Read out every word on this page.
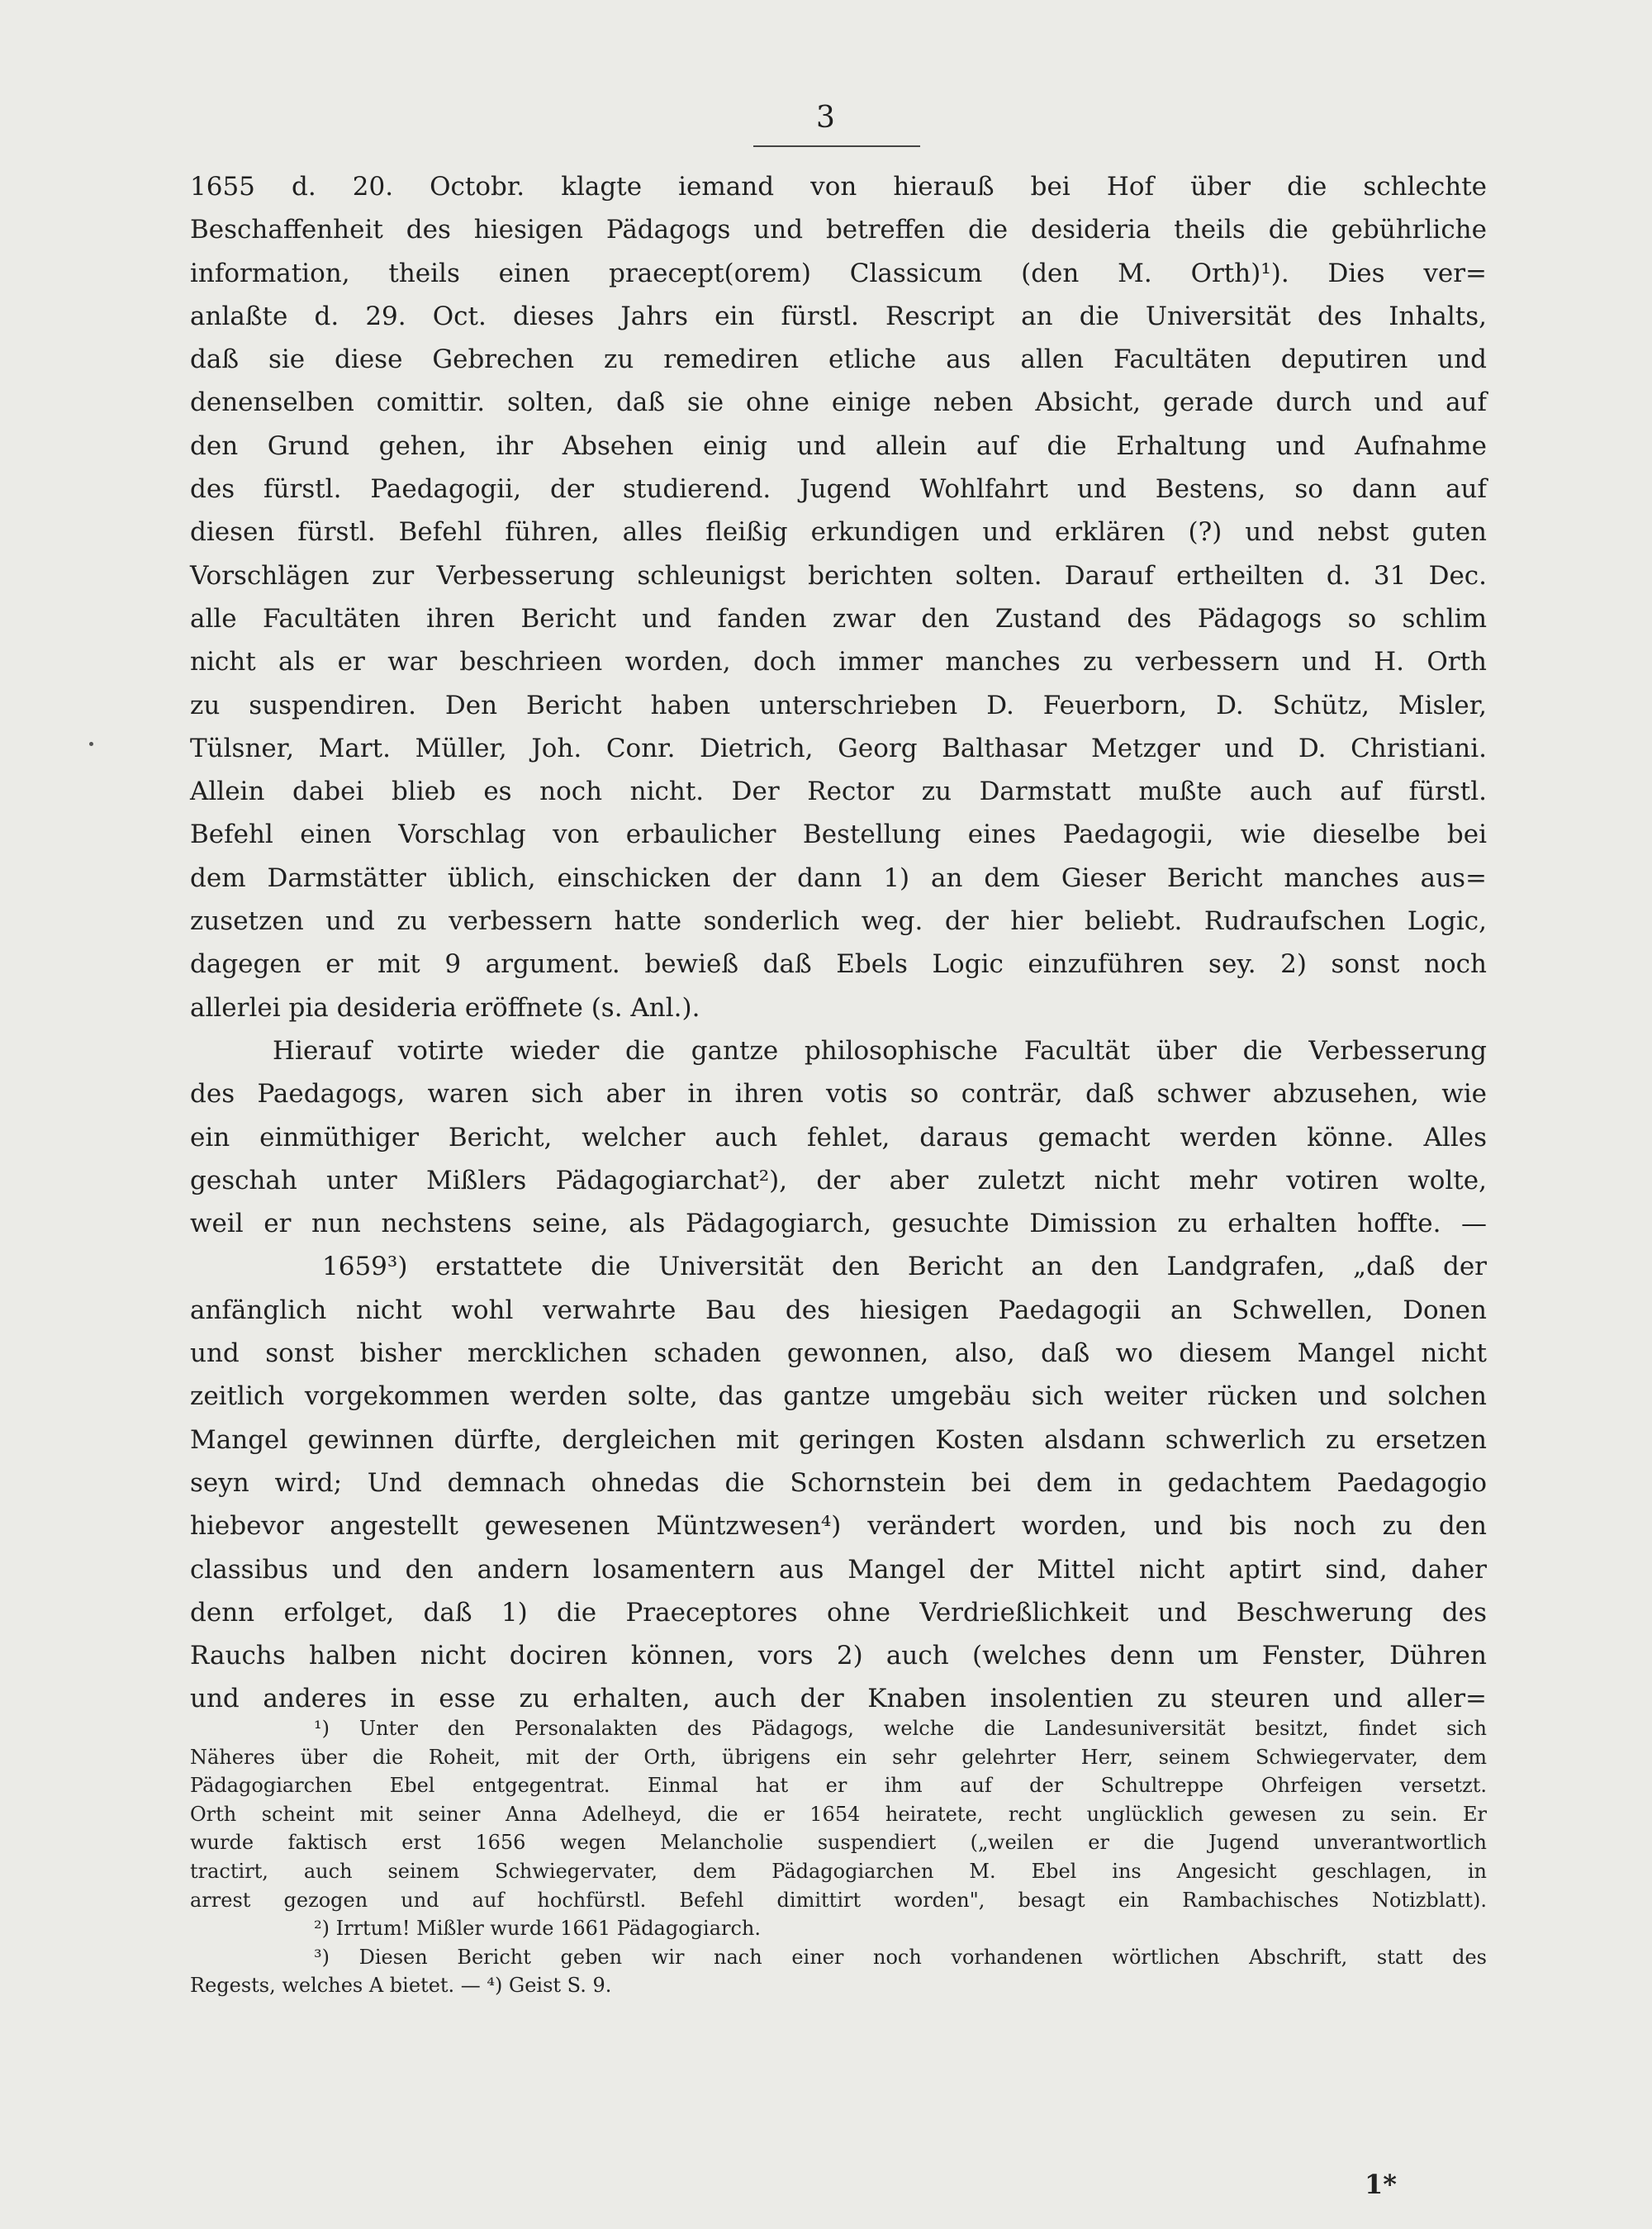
3
1655 d. 20. Octobr. klagte iemand von hierauß bei Hof über die schlechte
Beschaffenheit des hiesigen Pädagogs und betreffen die desideria theils die gebührliche
information, theils einen praecept(orem) Classicum (den M. Orth)¹). Dies ver=
anlaßte d. 29. Oct. dieses Jahrs ein fürstl. Rescript an die Universität des Inhalts,
daß sie diese Gebrechen zu remediren etliche aus allen Facultäten deputiren und
denenselben comittir. solten, daß sie ohne einige neben Absicht, gerade durch und auf
den Grund gehen, ihr Absehen einig und allein auf die Erhaltung und Aufnahme
des fürstl. Paedagogii, der studierend. Jugend Wohlfahrt und Bestens, so dann auf
diesen fürstl. Befehl führen, alles fleißig erkundigen und erklären (?) und nebst guten
Vorschlägen zur Verbesserung schleunigst berichten solten. Darauf ertheilten d. 31 Dec.
alle Facultäten ihren Bericht und fanden zwar den Zustand des Pädagogs so schlim
nicht als er war beschrieen worden, doch immer manches zu verbessern und H. Orth
zu suspendiren. Den Bericht haben unterschrieben D. Feuerborn, D. Schütz, Misler,
Tülsner, Mart. Müller, Joh. Conr. Dietrich, Georg Balthasar Metzger und D. Christiani.
Allein dabei blieb es noch nicht. Der Rector zu Darmstatt mußte auch auf fürstl.
Befehl einen Vorschlag von erbaulicher Bestellung eines Paedagogii, wie dieselbe bei
dem Darmstätter üblich, einschicken der dann 1) an dem Gieser Bericht manches aus=
zusetzen und zu verbessern hatte sonderlich weg. der hier beliebt. Rudraufschen Logic,
dagegen er mit 9 argument. bewieß daß Ebels Logic einzuführen sey. 2) sonst noch
allerlei pia desideria eröffnete (s. Anl.).
Hierauf votirte wieder die gantze philosophische Facultät über die Verbesserung
des Paedagogs, waren sich aber in ihren votis so conträr, daß schwer abzusehen, wie
ein einmüthiger Bericht, welcher auch fehlet, daraus gemacht werden könne. Alles
geschah unter Mißlers Pädagogiarchat²), der aber zuletzt nicht mehr votiren wolte,
weil er nun nechstens seine, als Pädagogiarch, gesuchte Dimission zu erhalten hoffte. —
1659³) erstattete die Universität den Bericht an den Landgrafen, „daß der
anfänglich nicht wohl verwahrte Bau des hiesigen Paedagogii an Schwellen, Donen
und sonst bisher mercklichen schaden gewonnen, also, daß wo diesem Mangel nicht
zeitlich vorgekommen werden solte, das gantze umgebäu sich weiter rücken und solchen
Mangel gewinnen dürfte, dergleichen mit geringen Kosten alsdann schwerlich zu ersetzen
seyn wird; Und demnach ohnedas die Schornstein bei dem in gedachtem Paedagogio
hiebevor angestellt gewesenen Müntzwesen⁴) verändert worden, und bis noch zu den
classibus und den andern losamentern aus Mangel der Mittel nicht aptirt sind, daher
denn erfolget, daß 1) die Praeceptores ohne Verdrießlichkeit und Beschwerung des
Rauchs halben nicht dociren können, vors 2) auch (welches denn um Fenster, Dühren
und anderes in esse zu erhalten, auch der Knaben insolentien zu steuren und aller=
¹) Unter den Personalakten des Pädagogs, welche die Landesuniversität besitzt, findet sich
Näheres über die Roheit, mit der Orth, übrigens ein sehr gelehrter Herr, seinem Schwiegervater, dem
Pädagogiarchen Ebel entgegentrat. Einmal hat er ihm auf der Schultreppe Ohrfeigen versetzt.
Orth scheint mit seiner Anna Adelheyd, die er 1654 heiratete, recht unglücklich gewesen zu sein. Er
wurde faktisch erst 1656 wegen Melancholie suspendiert („weilen er die Jugend unverantwortlich
tractirt, auch seinem Schwiegervater, dem Pädagogiarchen M. Ebel ins Angesicht geschlagen, in
arrest gezogen und auf hochfürstl. Befehl dimittirt worden", besagt ein Rambachisches Notizblatt).
²) Irrtum! Mißler wurde 1661 Pädagogiarch.
³) Diesen Bericht geben wir nach einer noch vorhandenen wörtlichen Abschrift, statt des
Regests, welches A bietet. — ⁴) Geist S. 9.
1*
